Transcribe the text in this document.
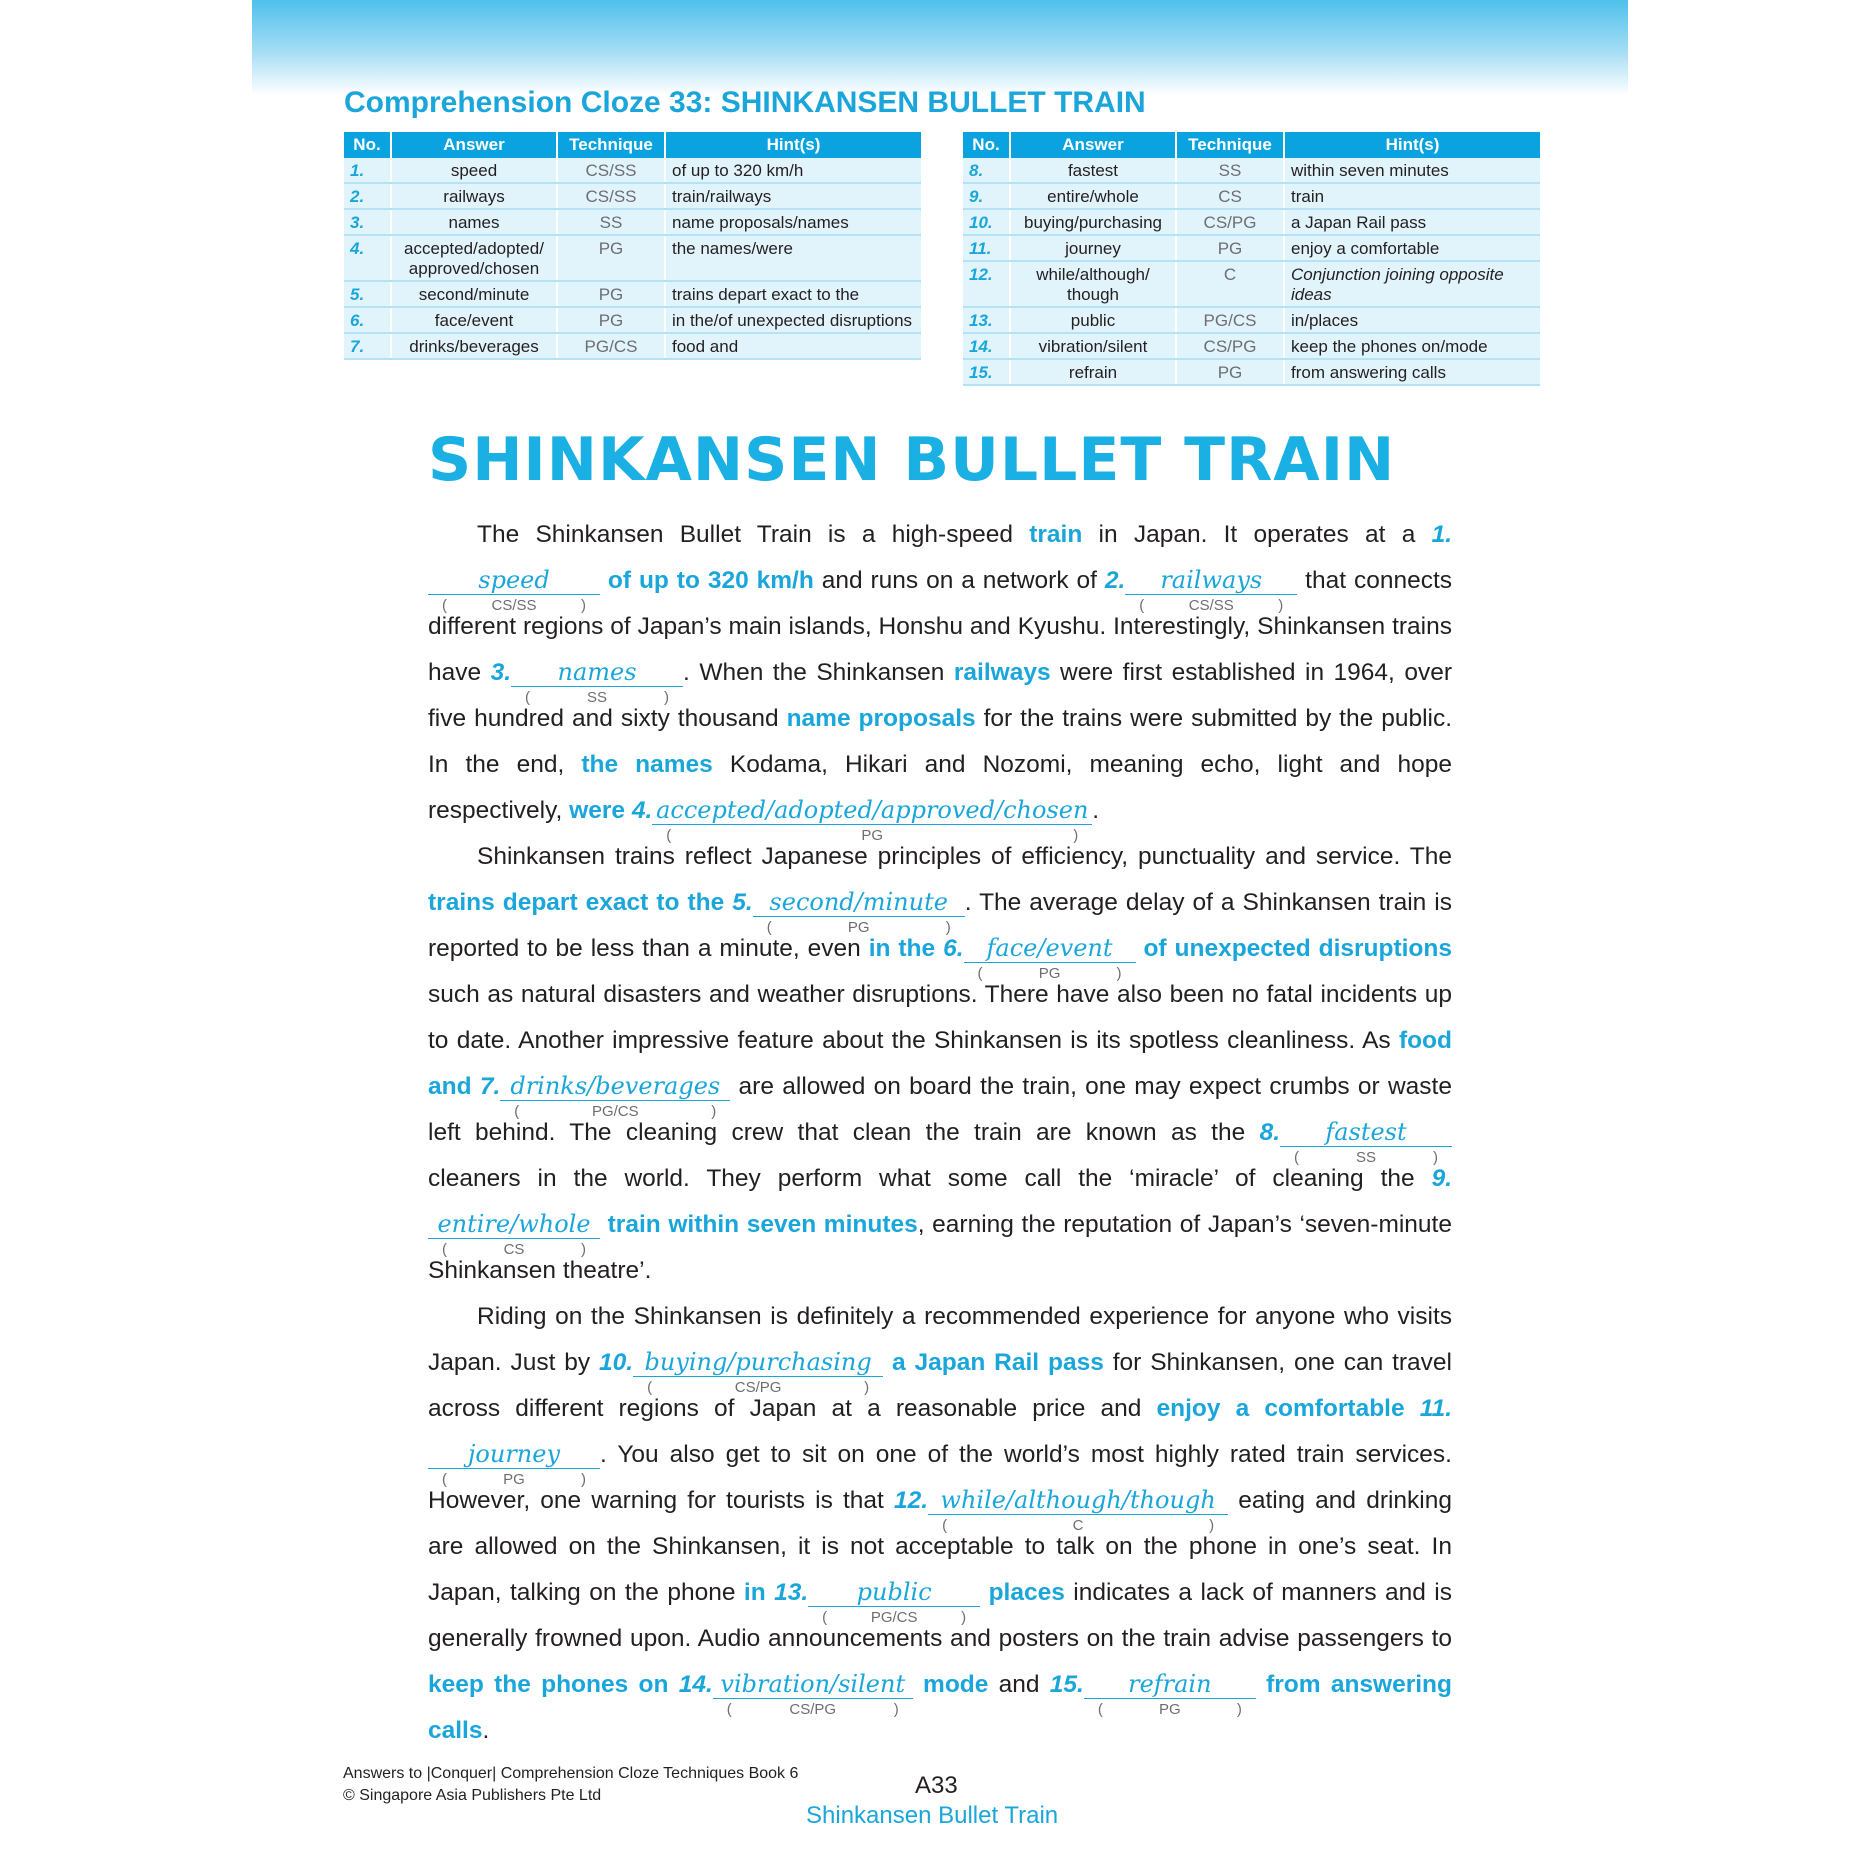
Comprehension Cloze 33: SHINKANSEN BULLET TRAIN
No.	Answer	Technique	Hint(s)
1.	speed	CS/SS	of up to 320 km/h
2.	railways	CS/SS	train/railways
3.	names	SS	name proposals/names
4.	accepted/adopted/ approved/chosen	PG	the names/were
5.	second/minute	PG	trains depart exact to the
6.	face/event	PG	in the/of unexpected disruptions
7.	drinks/beverages	PG/CS	food and
No.	Answer	Technique	Hint(s)
8.	fastest	SS	within seven minutes
9.	entire/whole	CS	train
10.	buying/purchasing	CS/PG	a Japan Rail pass
11.	journey	PG	enjoy a comfortable
12.	while/although/ though	C	Conjunction joining opposite ideas
13.	public	PG/CS	in/places
14.	vibration/silent	CS/PG	keep the phones on/mode
15.	refrain	PG	from answering calls
SHINKANSEN BULLET TRAIN

The Shinkansen Bullet Train is a high-speed train in Japan. It operates at a 1.speed
( CS/SS )
of up to 320 km/h and runs on a network of 2. railways
( CS/SS )
that connects different regions of Japan’s main islands, Honshu and Kyushu. Interestingly, Shinkansen trains have 3. names
( SS )
. When the Shinkansen railways were first established in 1964, over five hundred and sixty thousand name proposals for the trains were submitted by the public. In the end, the names Kodama, Hikari and Nozomi, meaning echo, light and hope respectively, were 4. accepted/adopted/approved/chosen
( PG )
.

Shinkansen trains reflect Japanese principles of efficiency, punctuality and service. The trains depart exact to the 5. second/minute
( PG )
. The average delay of a Shinkansen train is reported to be less than a minute, even in the 6. face/event
( PG )
of unexpected disruptions such as natural disasters and weather disruptions. There have also been no fatal incidents up to date. Another impressive feature about the Shinkansen is its spotless cleanliness. As food and 7. drinks/beverages
( PG/CS )
are allowed on board the train, one may expect crumbs or waste left behind. The cleaning crew that clean the train are known as the 8. fastest
( SS )
cleaners in the world. They perform what some call the ‘miracle’ of cleaning the 9.entire/whole
( CS )
train within seven minutes, earning the reputation of Japan’s ‘seven-minute Shinkansen theatre’.

Riding on the Shinkansen is definitely a recommended experience for anyone who visits Japan. Just by 10. buying/purchasing
( CS/PG )
a Japan Rail pass for Shinkansen, one can travel across different regions of Japan at a reasonable price and enjoy a comfortable 11.journey
( PG )
. You also get to sit on one of the world’s most highly rated train services. However, one warning for tourists is that 12. while/although/though
( C )
eating and drinking are allowed on the Shinkansen, it is not acceptable to talk on the phone in one’s seat. In Japan, talking on the phone in 13. public
( PG/CS )
places indicates a lack of manners and is generally frowned upon. Audio announcements and posters on the train advise passengers to keep the phones on 14. vibration/silent
( CS/PG )
mode and 15. refrain
( PG )
from answering calls.

Answers to |Conquer| Comprehension Cloze Techniques Book 6
© Singapore Asia Publishers Pte Ltd	A33
Shinkansen Bullet Train
